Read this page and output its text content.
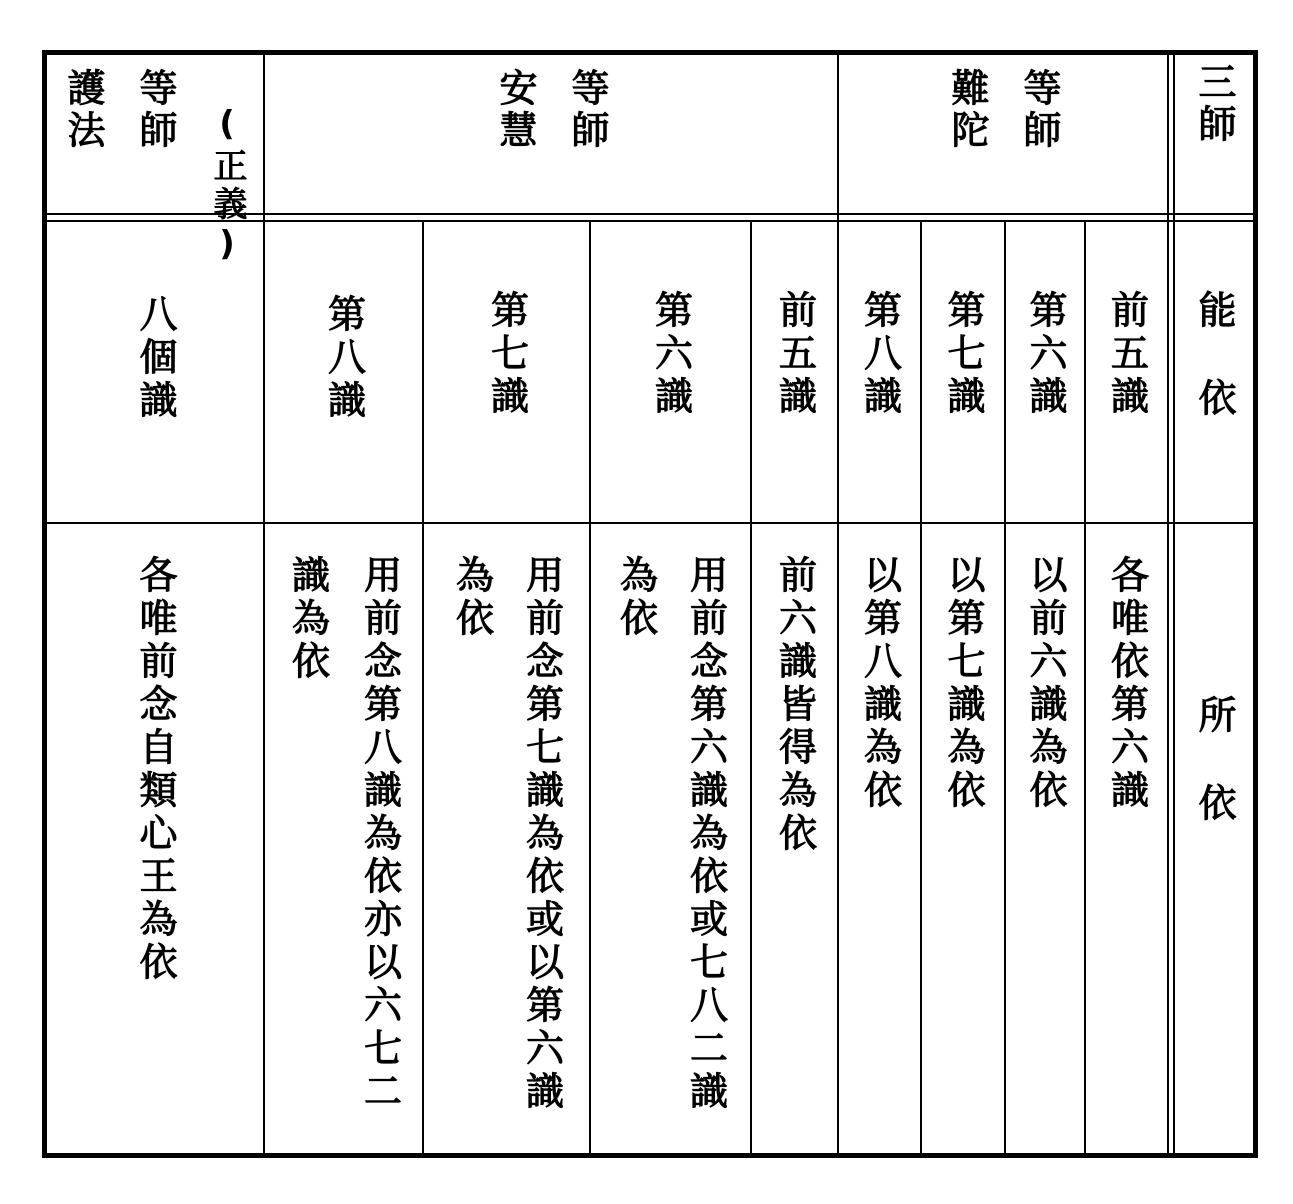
三師
難陀 等師
安慧 等師
護法 等師 (正義)
能依
前五識
第六識
第七識
第八識
前五識
第六識
第七識
第八識
八個識
所依
各唯依第六識
以前六識為依
以第七識為依
以第八識為依
前六識皆得為依
用前念第六識為依或七八二識為依
用前念第七識為依或以第六識為依
用前念第八識為依亦以六七二識為依
各唯前念自類心王為依
